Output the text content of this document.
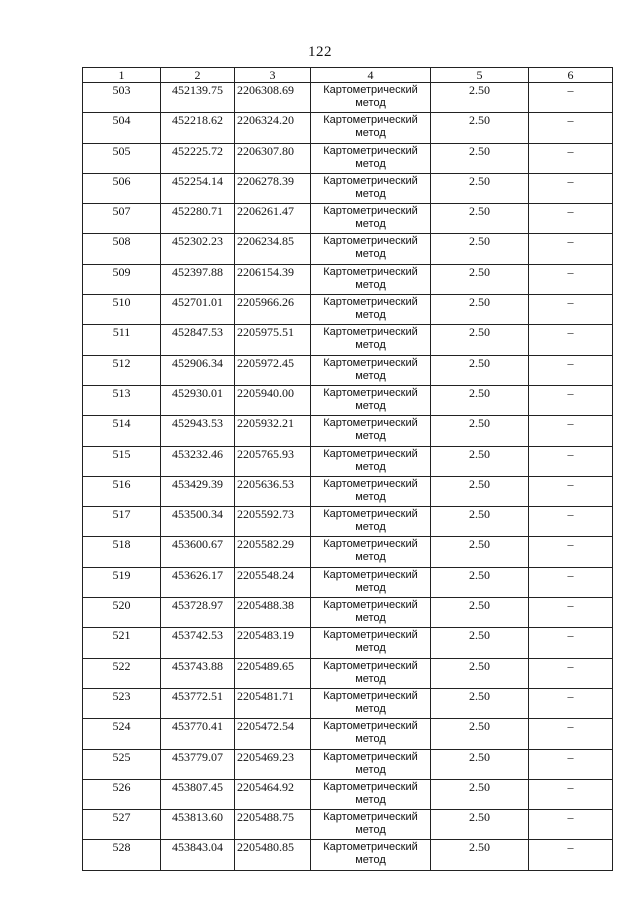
122
1	2	3	4	5	6
503	452139.75	2206308.69	Картометрический метод	2.50	–
504	452218.62	2206324.20	Картометрический метод	2.50	–
505	452225.72	2206307.80	Картометрический метод	2.50	–
506	452254.14	2206278.39	Картометрический метод	2.50	–
507	452280.71	2206261.47	Картометрический метод	2.50	–
508	452302.23	2206234.85	Картометрический метод	2.50	–
509	452397.88	2206154.39	Картометрический метод	2.50	–
510	452701.01	2205966.26	Картометрический метод	2.50	–
511	452847.53	2205975.51	Картометрический метод	2.50	–
512	452906.34	2205972.45	Картометрический метод	2.50	–
513	452930.01	2205940.00	Картометрический метод	2.50	–
514	452943.53	2205932.21	Картометрический метод	2.50	–
515	453232.46	2205765.93	Картометрический метод	2.50	–
516	453429.39	2205636.53	Картометрический метод	2.50	–
517	453500.34	2205592.73	Картометрический метод	2.50	–
518	453600.67	2205582.29	Картометрический метод	2.50	–
519	453626.17	2205548.24	Картометрический метод	2.50	–
520	453728.97	2205488.38	Картометрический метод	2.50	–
521	453742.53	2205483.19	Картометрический метод	2.50	–
522	453743.88	2205489.65	Картометрический метод	2.50	–
523	453772.51	2205481.71	Картометрический метод	2.50	–
524	453770.41	2205472.54	Картометрический метод	2.50	–
525	453779.07	2205469.23	Картометрический метод	2.50	–
526	453807.45	2205464.92	Картометрический метод	2.50	–
527	453813.60	2205488.75	Картометрический метод	2.50	–
528	453843.04	2205480.85	Картометрический метод	2.50	–
